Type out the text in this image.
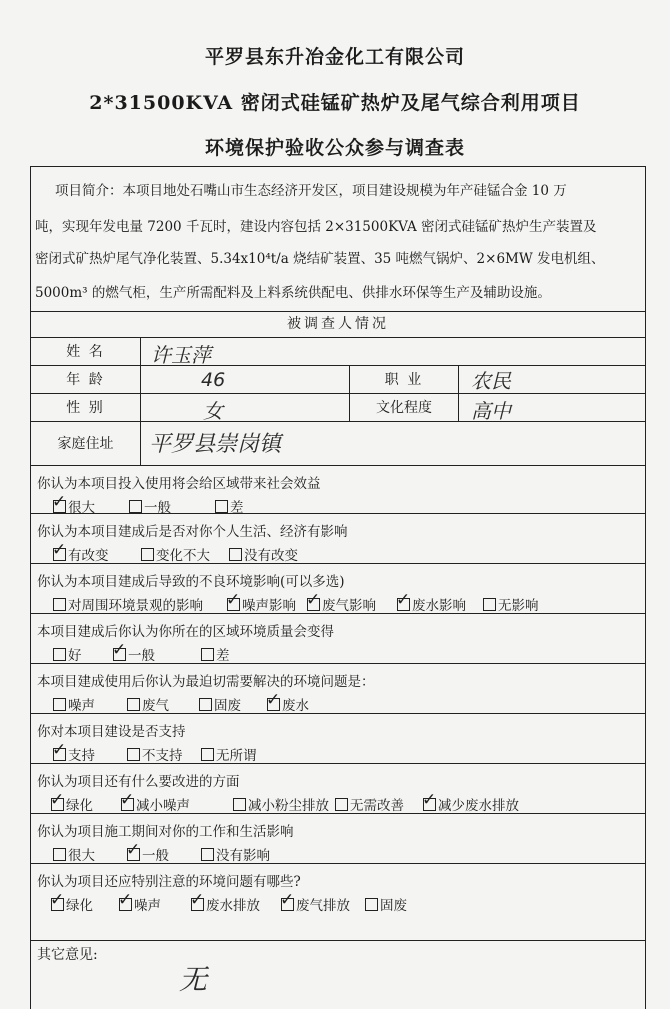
平罗县东升冶金化工有限公司
2*31500KVA 密闭式硅锰矿热炉及尾气综合利用项目
环境保护验收公众参与调查表
项目简介：本项目地处石嘴山市生态经济开发区，项目建设规模为年产硅锰合金 10 万
吨，实现年发电量 7200 千瓦时，建设内容包括 2×31500KVA 密闭式硅锰矿热炉生产装置及
密闭式矿热炉尾气净化装置、5.34x10⁴t/a 烧结矿装置、35 吨燃气锅炉、2×6MW 发电机组、
5000m³ 的燃气柜，生产所需配料及上料系统供配电、供排水环保等生产及辅助设施。
被调查人情况
姓 名	许玉萍
年 龄	46	职 业	农民
性 别	女	文化程度	高中
家庭住址	平罗县崇岗镇
你认为本项目投入使用将会给区域带来社会效益
✓ 很大	一般	差
你认为本项目建成后是否对你个人生活、经济有影响
✓ 有改变	变化不大	没有改变
你认为本项目建成后导致的不良环境影响(可以多选)
对周围环境景观的影响 ✓ 噪声影响 ✓ 废气影响 ✓ 废水影响	无影响
本项目建成后你认为你所在的区域环境质量会变得
好 ✓ 一般	差
本项目建成使用后你认为最迫切需要解决的环境问题是：
噪声	废气	固废 ✓ 废水
你对本项目建设是否支持
✓ 支持	不支持	无所谓
你认为项目还有什么要改进的方面
✓ 绿化 ✓ 减小噪声	减小粉尘排放	无需改善 ✓ 减少废水排放
你认为项目施工期间对你的工作和生活影响
很大 ✓ 一般	没有影响
你认为项目还应特别注意的环境问题有哪些?
✓ 绿化 ✓ 噪声 ✓ 废水排放 ✓ 废气排放	固废
其它意见:
无
